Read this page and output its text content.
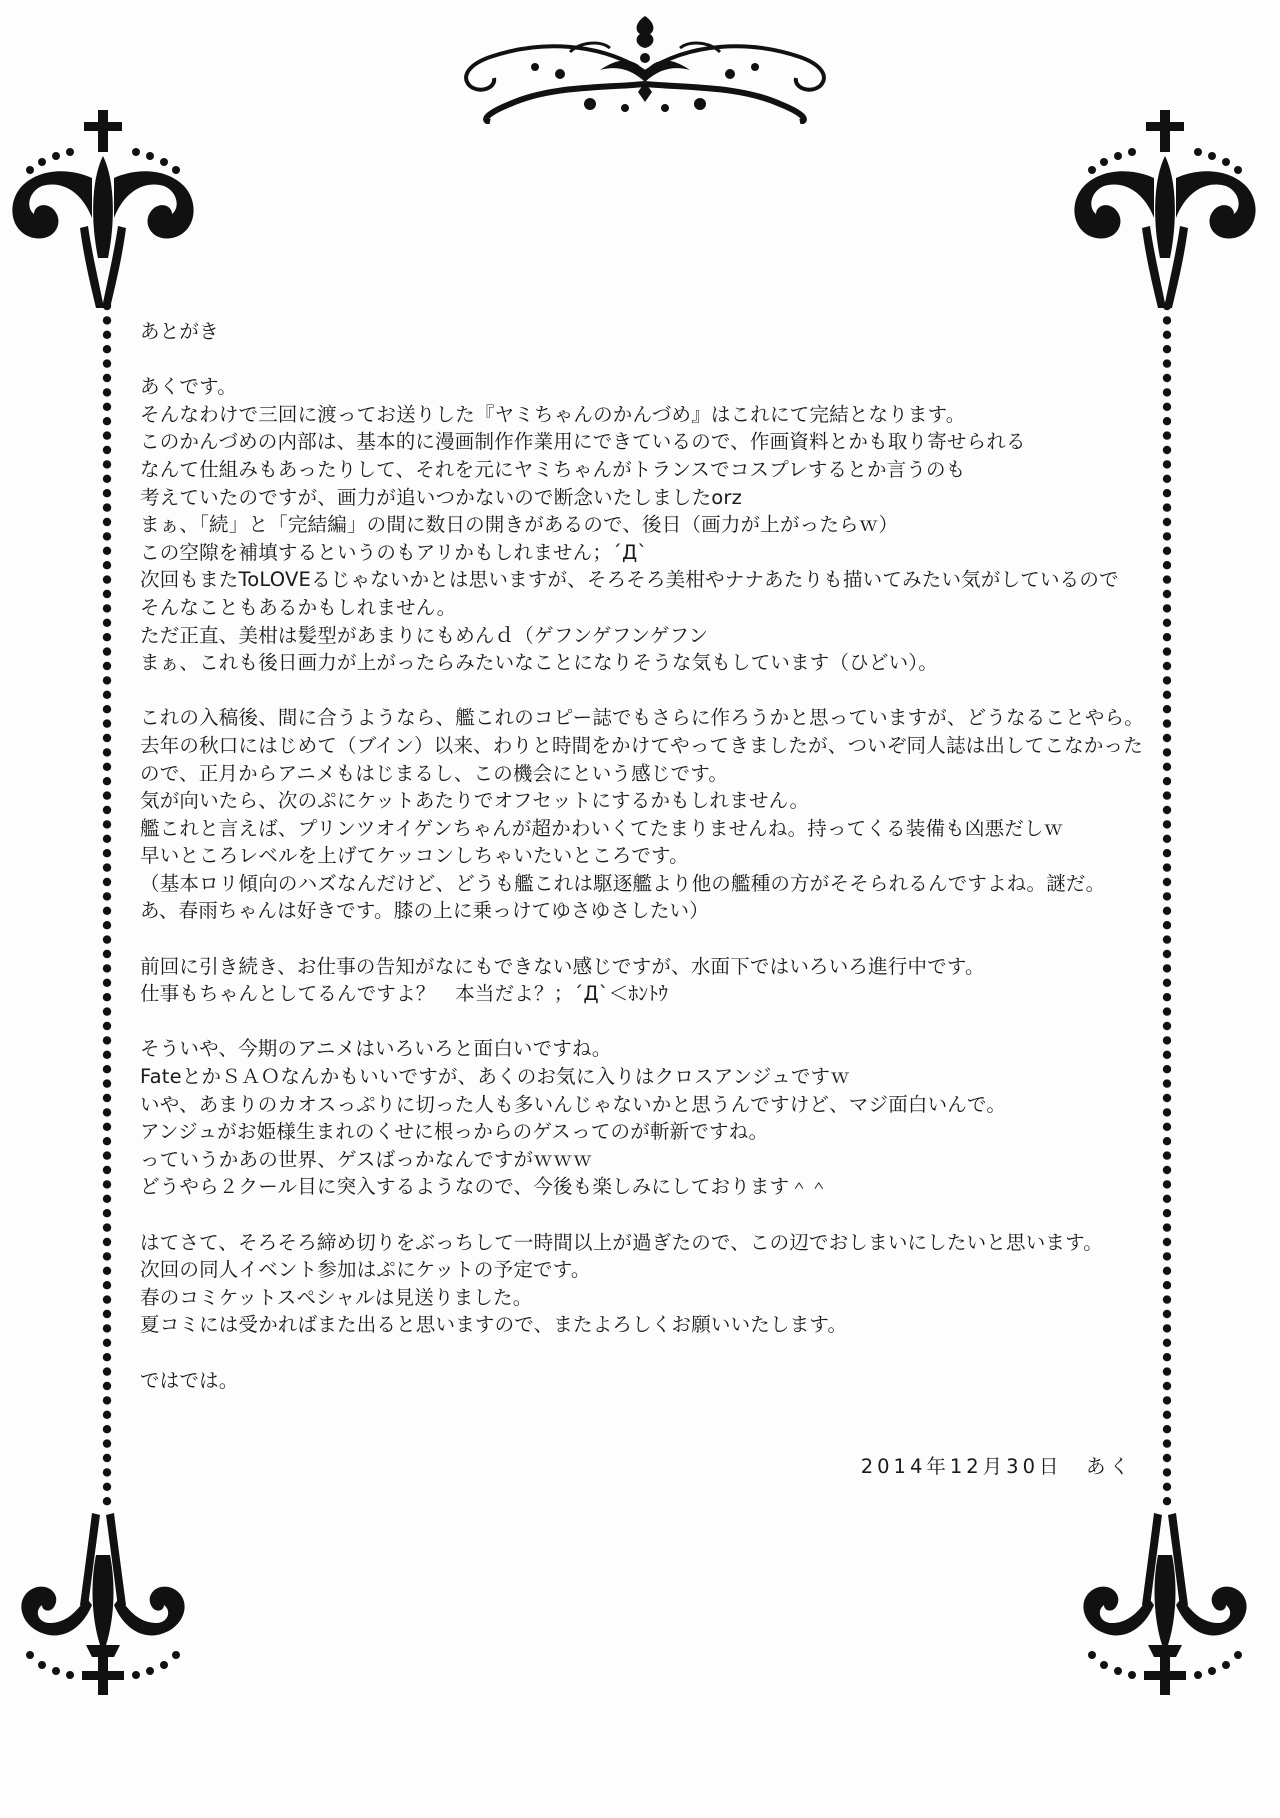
あとがき
あくです。
そんなわけで三回に渡ってお送りした『ヤミちゃんのかんづめ』はこれにて完結となります。
このかんづめの内部は、基本的に漫画制作作業用にできているので、作画資料とかも取り寄せられる
なんて仕組みもあったりして、それを元にヤミちゃんがトランスでコスプレするとか言うのも
考えていたのですが、画力が追いつかないので断念いたしましたorz
まぁ、「続」と「完結編」の間に数日の開きがあるので、後日（画力が上がったらｗ）
この空隙を補填するというのもアリかもしれません；´Д`
次回もまたToLOVEるじゃないかとは思いますが、そろそろ美柑やナナあたりも描いてみたい気がしているので
そんなこともあるかもしれません。
ただ正直、美柑は髪型があまりにもめんｄ（ゲフンゲフンゲフン
まぁ、これも後日画力が上がったらみたいなことになりそうな気もしています（ひどい）。
これの入稿後、間に合うようなら、艦これのコピー誌でもさらに作ろうかと思っていますが、どうなることやら。
去年の秋口にはじめて（ブイン）以来、わりと時間をかけてやってきましたが、ついぞ同人誌は出してこなかった
ので、正月からアニメもはじまるし、この機会にという感じです。
気が向いたら、次のぷにケットあたりでオフセットにするかもしれません。
艦これと言えば、プリンツオイゲンちゃんが超かわいくてたまりませんね。持ってくる装備も凶悪だしｗ
早いところレベルを上げてケッコンしちゃいたいところです。
（基本ロリ傾向のハズなんだけど、どうも艦これは駆逐艦より他の艦種の方がそそられるんですよね。謎だ。
あ、春雨ちゃんは好きです。膝の上に乗っけてゆさゆさしたい）
前回に引き続き、お仕事の告知がなにもできない感じですが、水面下ではいろいろ進行中です。
仕事もちゃんとしてるんですよ？　本当だよ？；´Д`＜ﾎﾝﾄｳ
そういや、今期のアニメはいろいろと面白いですね。
FateとかＳＡＯなんかもいいですが、あくのお気に入りはクロスアンジュですｗ
いや、あまりのカオスっぷりに切った人も多いんじゃないかと思うんですけど、マジ面白いんで。
アンジュがお姫様生まれのくせに根っからのゲスってのが斬新ですね。
っていうかあの世界、ゲスばっかなんですがｗｗｗ
どうやら２クール目に突入するようなので、今後も楽しみにしております＾＾
はてさて、そろそろ締め切りをぶっちして一時間以上が過ぎたので、この辺でおしまいにしたいと思います。
次回の同人イベント参加はぷにケットの予定です。
春のコミケットスペシャルは見送りました。
夏コミには受かればまた出ると思いますので、またよろしくお願いいたします。
ではでは。
2014年12月30日　あく
